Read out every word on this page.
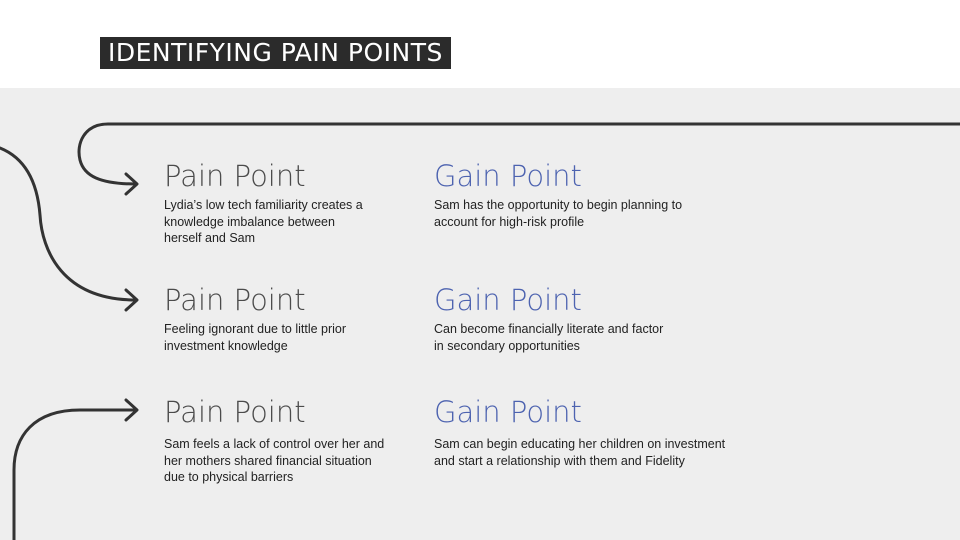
IDENTIFYING PAIN POINTS
Pain Point
Lydia’s low tech familiarity creates a
knowledge imbalance between
herself and Sam
Gain Point
Sam has the opportunity to begin planning to
account for high-risk profile
Pain Point
Feeling ignorant due to little prior
investment knowledge
Gain Point
Can become financially literate and factor
in secondary opportunities
Pain Point
Sam feels a lack of control over her and
her mothers shared financial situation
due to physical barriers
Gain Point
Sam can begin educating her children on investment
and start a relationship with them and Fidelity
